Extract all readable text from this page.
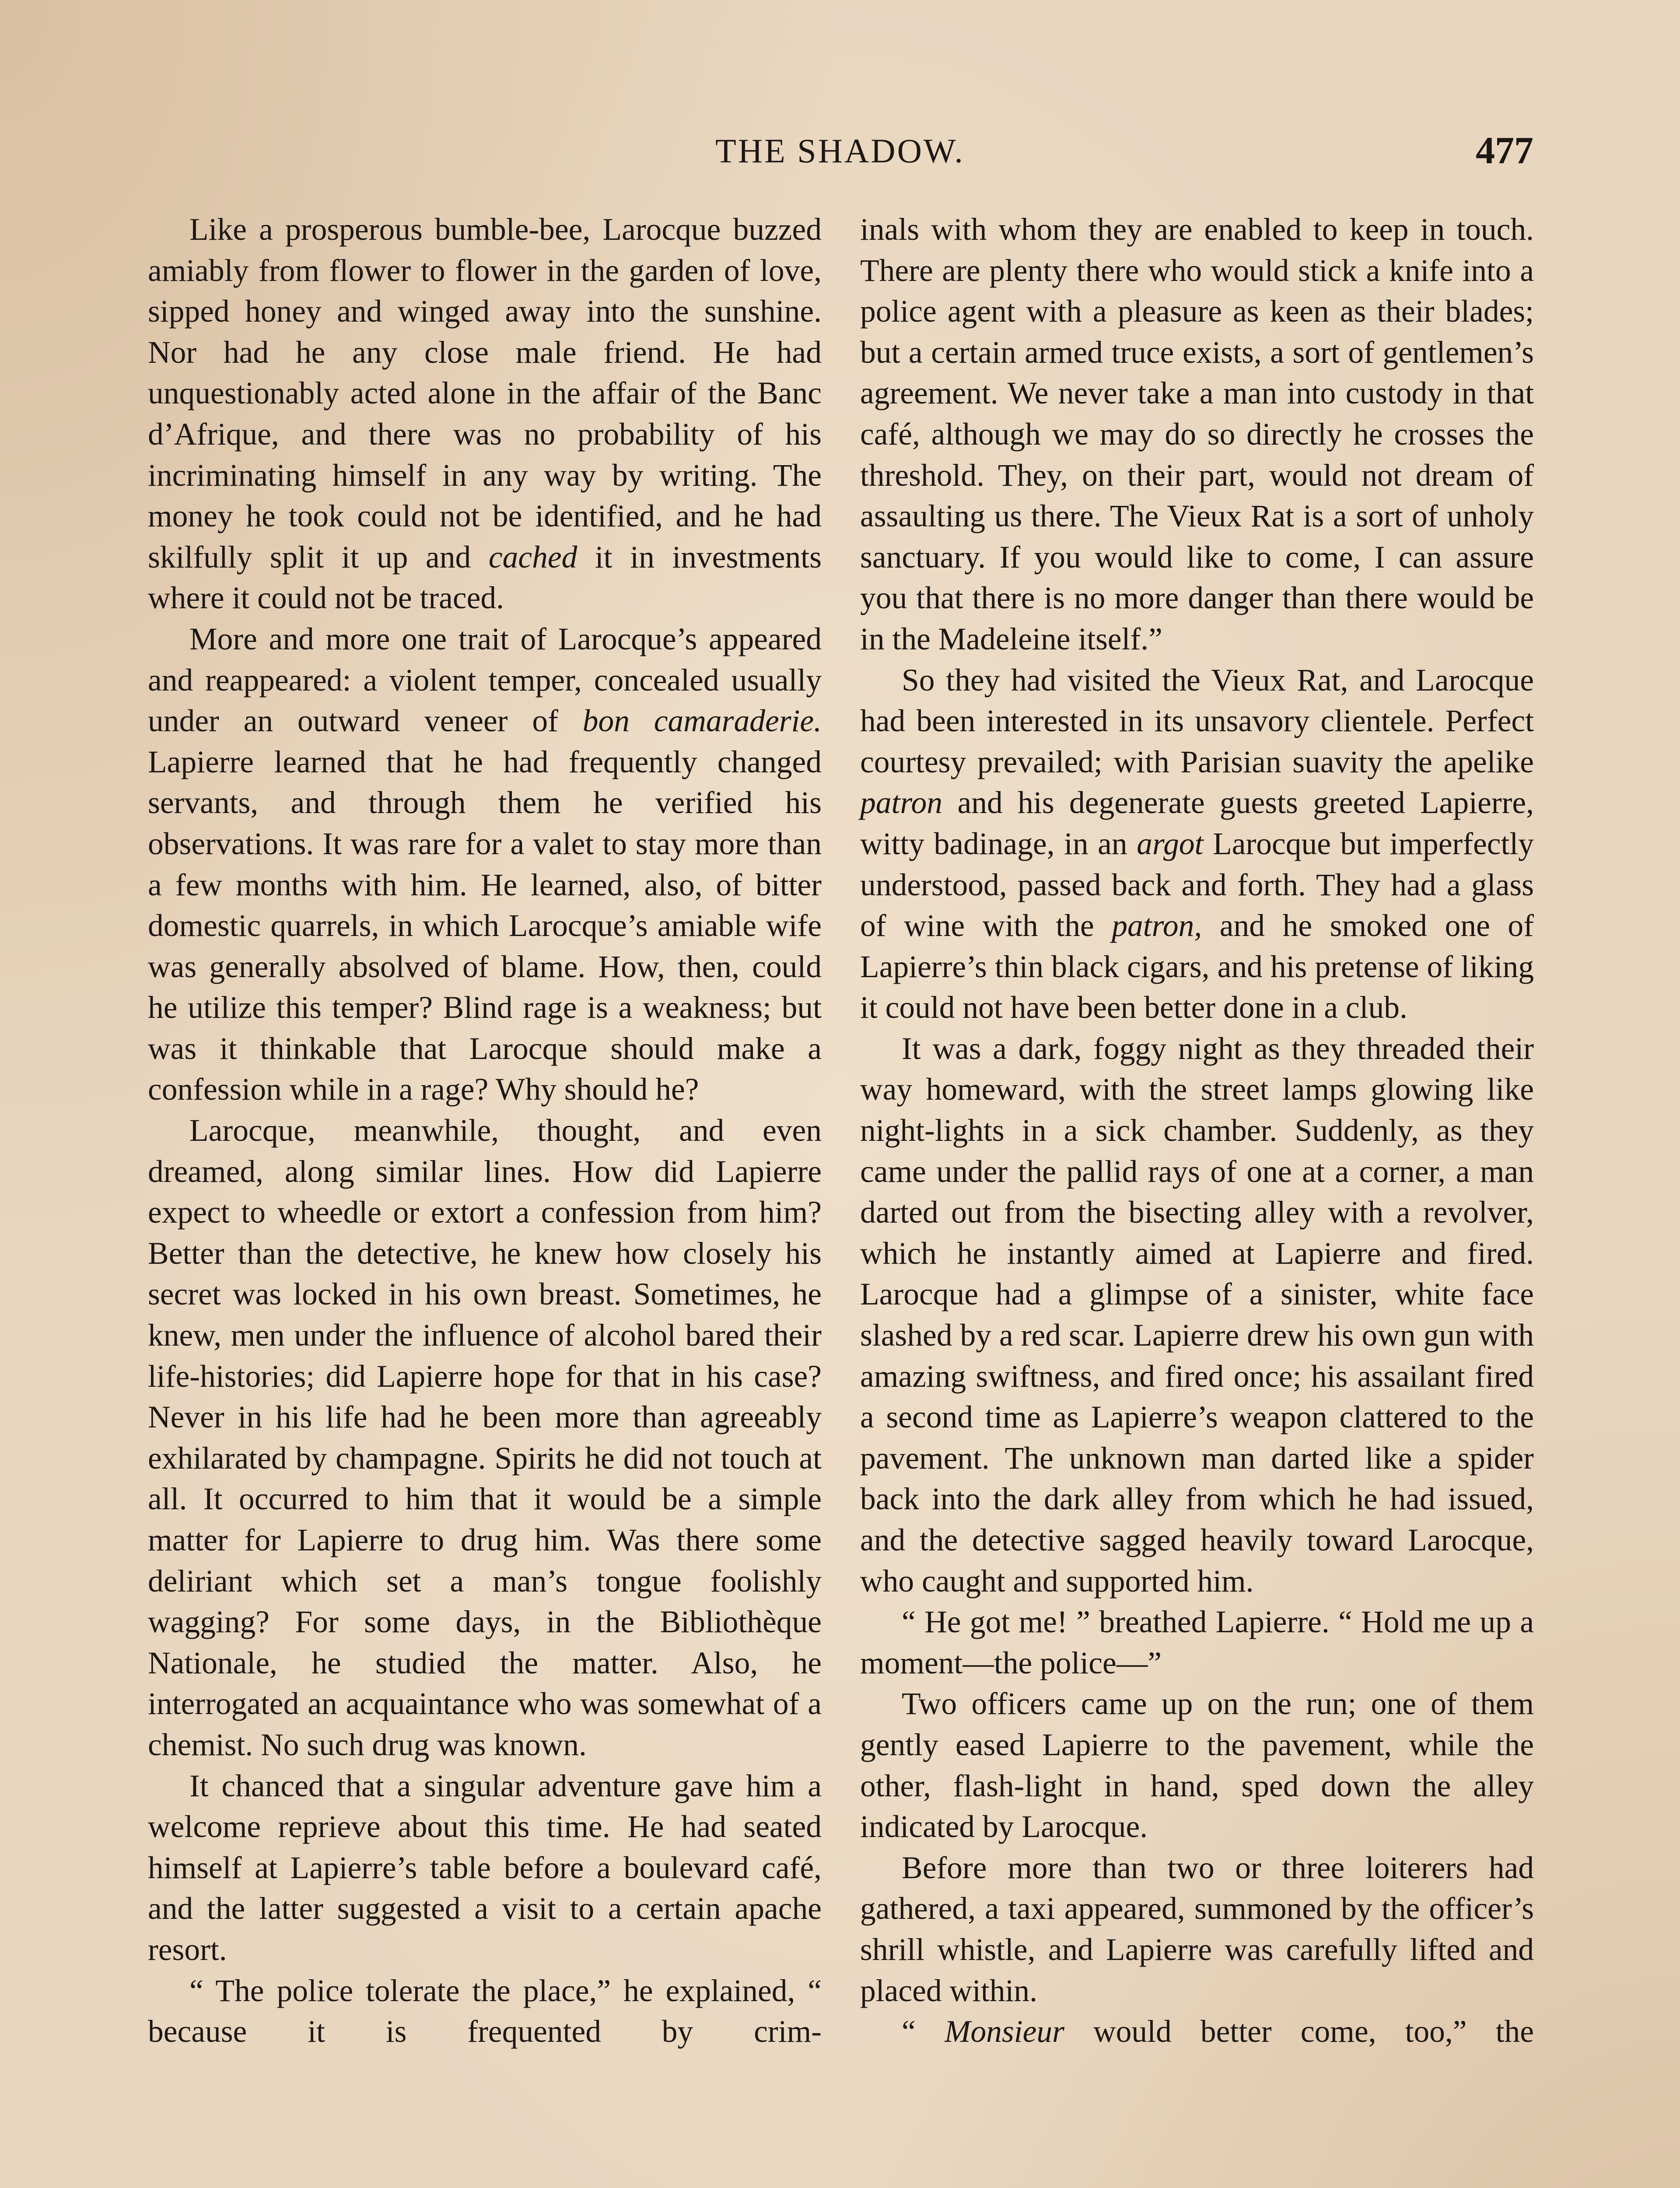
THE SHADOW.	477

Like a prosperous bumble-bee, Larocque buzzed amiably from flower to flower in the garden of love, sipped honey and winged away into the sunshine. Nor had he any close male friend. He had unquestionably acted alone in the affair of the Banc d’Afrique, and there was no probability of his incriminating himself in any way by writing. The money he took could not be identified, and he had skilfully split it up and cached it in investments where it could not be traced.

More and more one trait of Larocque’s appeared and reappeared: a violent temper, concealed usually under an outward veneer of bon camaraderie. Lapierre learned that he had frequently changed servants, and through them he verified his observations. It was rare for a valet to stay more than a few months with him. He learned, also, of bitter domestic quarrels, in which Larocque’s amiable wife was generally absolved of blame. How, then, could he utilize this temper? Blind rage is a weakness; but was it thinkable that Larocque should make a confession while in a rage? Why should he?

Larocque, meanwhile, thought, and even dreamed, along similar lines. How did Lapierre expect to wheedle or extort a confession from him? Better than the detective, he knew how closely his secret was locked in his own breast. Sometimes, he knew, men under the influence of alcohol bared their life-histories; did Lapierre hope for that in his case? Never in his life had he been more than agreeably exhilarated by champagne. Spirits he did not touch at all. It occurred to him that it would be a simple matter for Lapierre to drug him. Was there some deliriant which set a man’s tongue foolishly wagging? For some days, in the Bibliothèque Nationale, he studied the matter. Also, he interrogated an acquaintance who was somewhat of a chemist. No such drug was known.

It chanced that a singular adventure gave him a welcome reprieve about this time. He had seated himself at Lapierre’s table before a boulevard café, and the latter suggested a visit to a certain apache resort.

“ The police tolerate the place,” he explained, “ because it is frequented by crim-

inals with whom they are enabled to keep in touch. There are plenty there who would stick a knife into a police agent with a pleasure as keen as their blades; but a certain armed truce exists, a sort of gentlemen’s agreement. We never take a man into custody in that café, although we may do so directly he crosses the threshold. They, on their part, would not dream of assaulting us there. The Vieux Rat is a sort of unholy sanctuary. If you would like to come, I can assure you that there is no more danger than there would be in the Madeleine itself.”

So they had visited the Vieux Rat, and Larocque had been interested in its unsavory clientele. Perfect courtesy prevailed; with Parisian suavity the apelike patron and his degenerate guests greeted Lapierre, witty badinage, in an argot Larocque but imperfectly understood, passed back and forth. They had a glass of wine with the patron, and he smoked one of Lapierre’s thin black cigars, and his pretense of liking it could not have been better done in a club.

It was a dark, foggy night as they threaded their way homeward, with the street lamps glowing like night-lights in a sick chamber. Suddenly, as they came under the pallid rays of one at a corner, a man darted out from the bisecting alley with a revolver, which he instantly aimed at Lapierre and fired. Larocque had a glimpse of a sinister, white face slashed by a red scar. Lapierre drew his own gun with amazing swiftness, and fired once; his assailant fired a second time as Lapierre’s weapon clattered to the pavement. The unknown man darted like a spider back into the dark alley from which he had issued, and the detective sagged heavily toward Larocque, who caught and supported him.

“ He got me! ” breathed Lapierre. “ Hold me up a moment—the police—”

Two officers came up on the run; one of them gently eased Lapierre to the pavement, while the other, flash-light in hand, sped down the alley indicated by Larocque.

Before more than two or three loiterers had gathered, a taxi appeared, summoned by the officer’s shrill whistle, and Lapierre was carefully lifted and placed within.

“ Monsieur would better come, too,” the
